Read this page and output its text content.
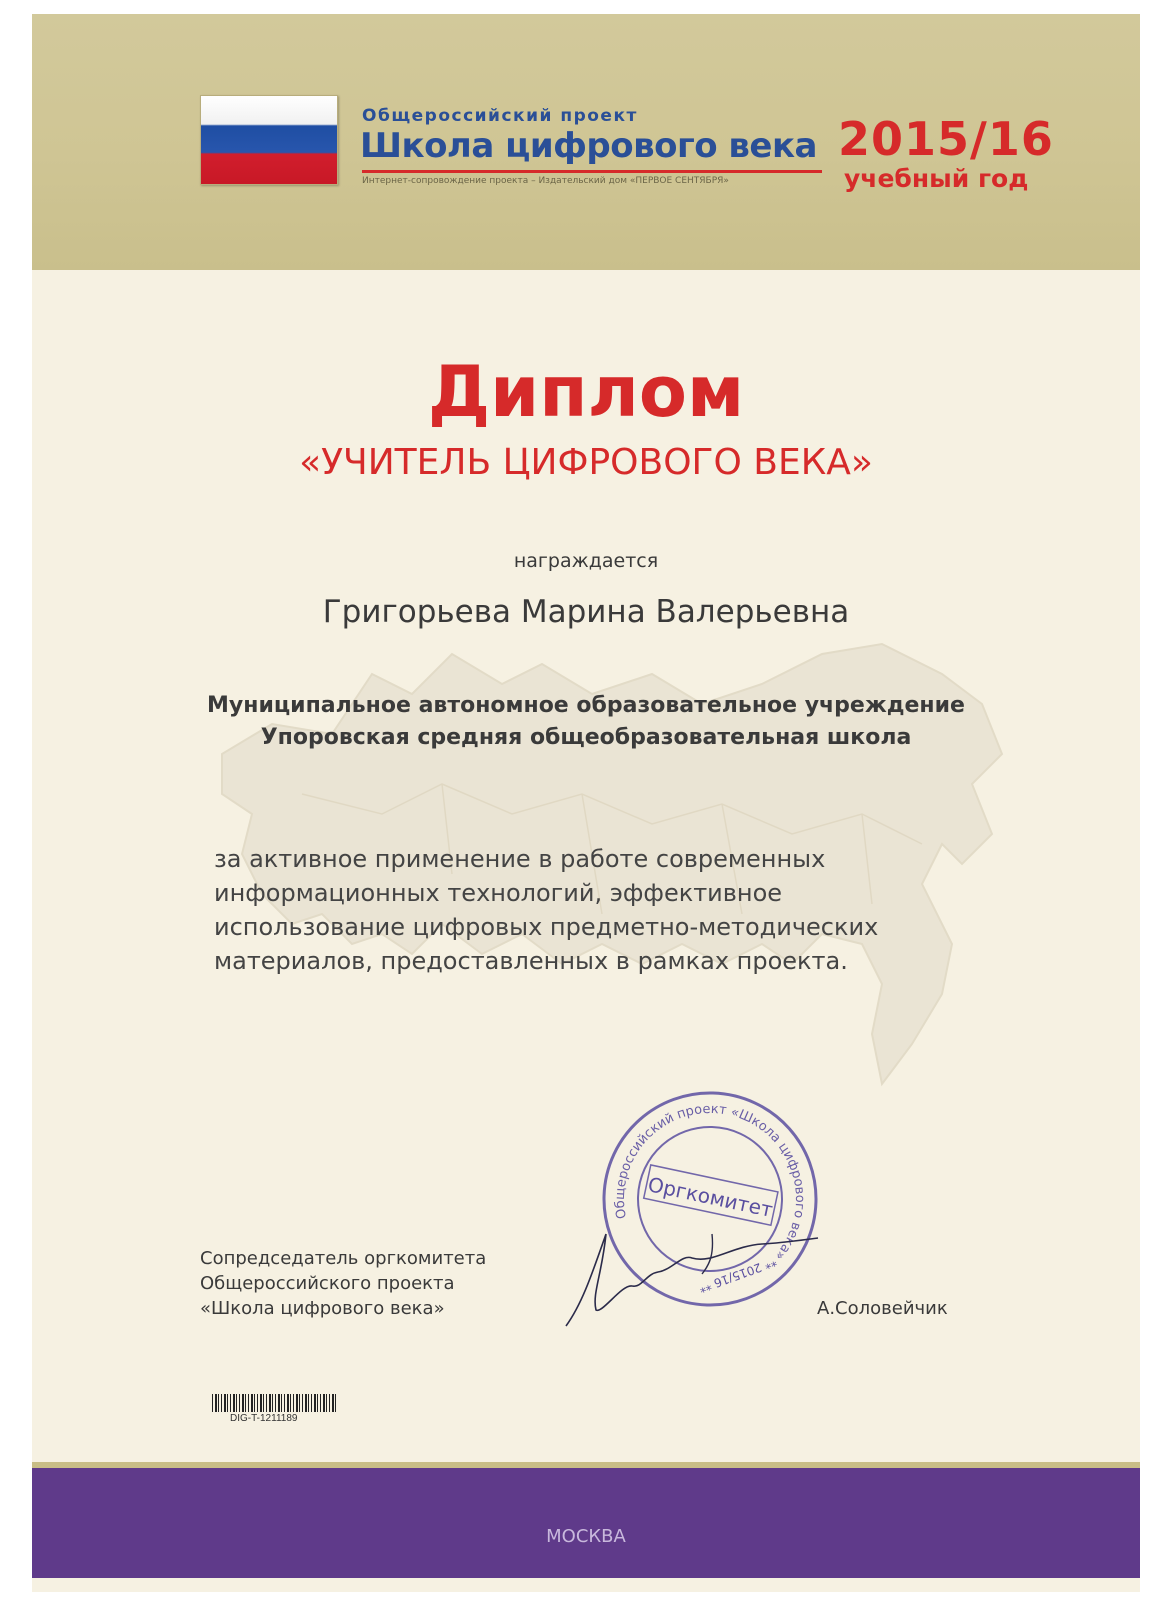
Общероссийский проект
Школа цифрового века
Интернет-сопровождение проекта – Издательский дом «ПЕРВОЕ СЕНТЯБРЯ»
2015/16
учебный год
Диплом
«УЧИТЕЛЬ ЦИФРОВОГО ВЕКА»
награждается
Григорьева Марина Валерьевна
Муниципальное автономное образовательное учреждение
Упоровская средняя общеобразовательная школа
за активное применение в работе современных
информационных технологий, эффективное
использование цифровых предметно-методических
материалов, предоставленных в рамках проекта.
Общероссийский проект «Школа цифрового века»
Оргкомитет
** 2015/16 **
Сопредседатель оргкомитета
Общероссийского проекта
«Школа цифрового века»	А.Соловейчик
DIG-T-1211189
МОСКВА
